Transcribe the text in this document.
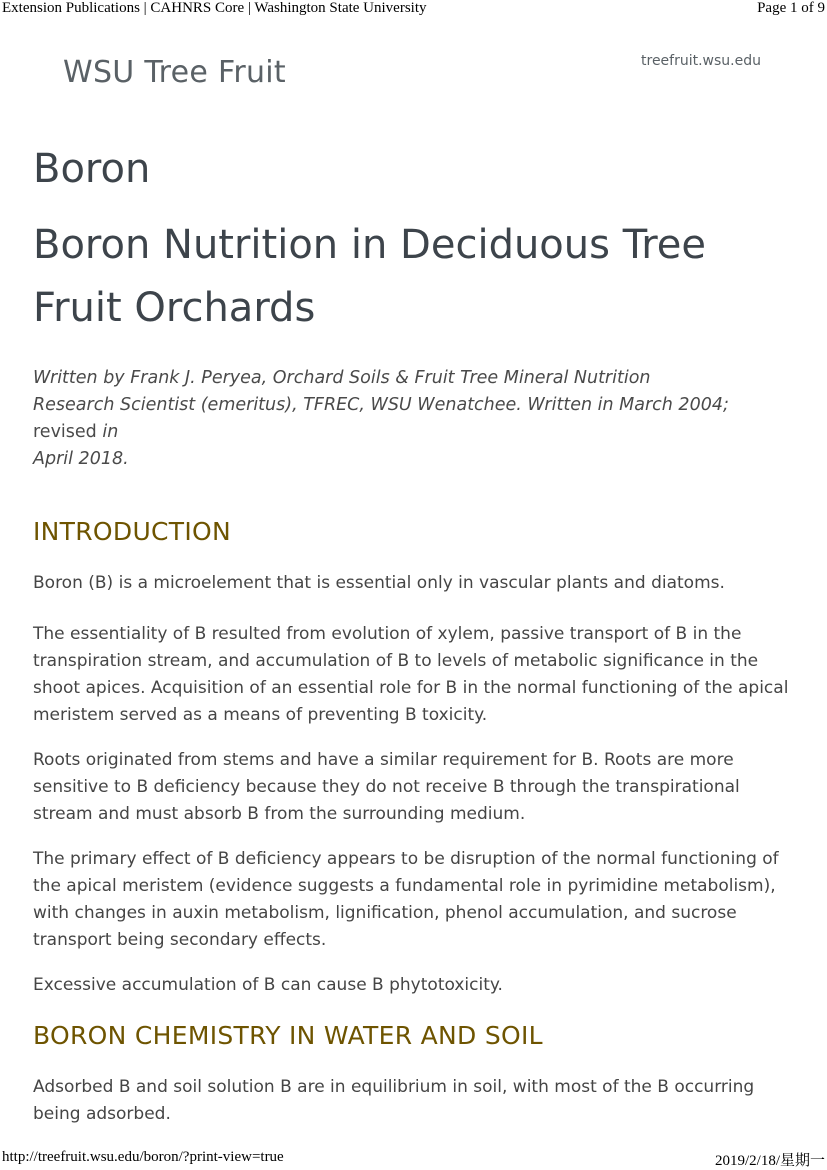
Extension Publications | CAHNRS Core | Washington State University	Page 1 of 9
WSU Tree Fruit	treefruit.wsu.edu
Boron
Boron Nutrition in Deciduous Tree Fruit Orchards
Written by Frank J. Peryea, Orchard Soils & Fruit Tree Mineral Nutrition
Research Scientist (emeritus), TFREC, WSU Wenatchee. Written in March 2004; revised in
April 2018.
INTRODUCTION

Boron (B) is a microelement that is essential only in vascular plants and diatoms.

The essentiality of B resulted from evolution of xylem, passive transport of B in the transpiration stream, and accumulation of B to levels of metabolic significance in the shoot apices. Acquisition of an essential role for B in the normal functioning of the apical meristem served as a means of preventing B toxicity.

Roots originated from stems and have a similar requirement for B. Roots are more sensitive to B deficiency because they do not receive B through the transpirational stream and must absorb B from the surrounding medium.

The primary effect of B deficiency appears to be disruption of the normal functioning of the apical meristem (evidence suggests a fundamental role in pyrimidine metabolism), with changes in auxin metabolism, lignification, phenol accumulation, and sucrose transport being secondary effects.

Excessive accumulation of B can cause B phytotoxicity.

BORON CHEMISTRY IN WATER AND SOIL

Adsorbed B and soil solution B are in equilibrium in soil, with most of the B occurring being adsorbed.

http://treefruit.wsu.edu/boron/?print-view=true	2019/2/18/星期一
